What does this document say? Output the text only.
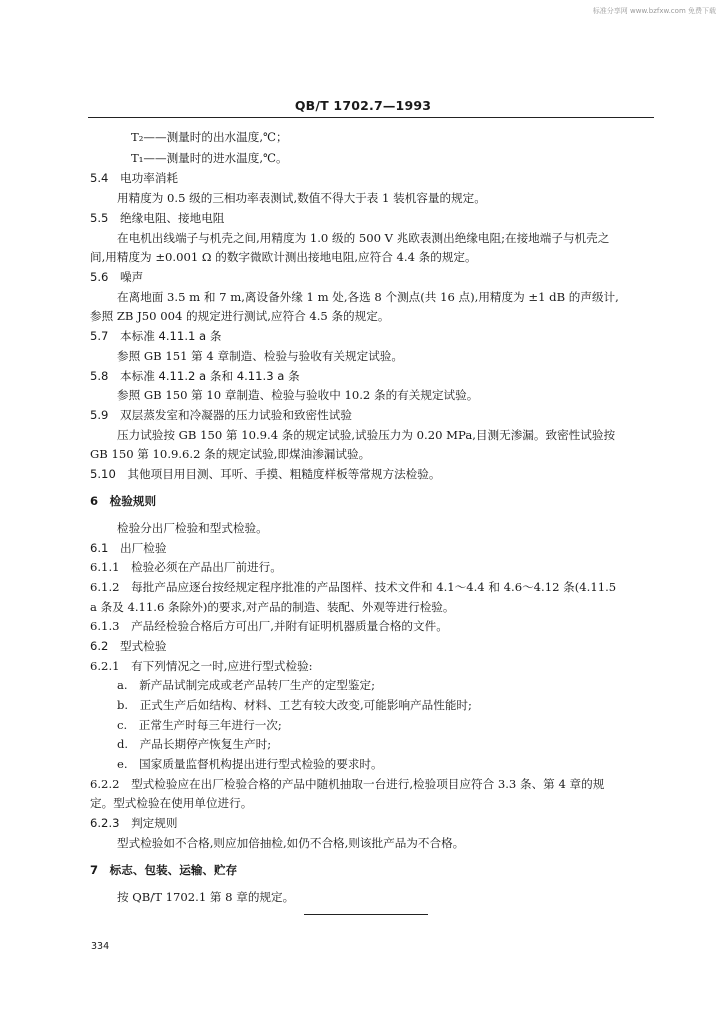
标准分享网 www.bzfxw.com 免费下载
QB/T 1702.7—1993
T₂——测量时的出水温度,℃；
T₁——测量时的进水温度,℃。
5.4　电功率消耗
用精度为 0.5 级的三相功率表测试,数值不得大于表 1 装机容量的规定。
5.5　绝缘电阻、接地电阻
在电机出线端子与机壳之间,用精度为 1.0 级的 500 V 兆欧表测出绝缘电阻;在接地端子与机壳之
间,用精度为 ±0.001 Ω 的数字微欧计测出接地电阻,应符合 4.4 条的规定。
5.6　噪声
在离地面 3.5 m 和 7 m,离设备外缘 1 m 处,各选 8 个测点(共 16 点),用精度为 ±1 dB 的声级计,
参照 ZB J50 004 的规定进行测试,应符合 4.5 条的规定。
5.7　本标准 4.11.1 a 条
参照 GB 151 第 4 章制造、检验与验收有关规定试验。
5.8　本标准 4.11.2 a 条和 4.11.3 a 条
参照 GB 150 第 10 章制造、检验与验收中 10.2 条的有关规定试验。
5.9　双层蒸发室和冷凝器的压力试验和致密性试验
压力试验按 GB 150 第 10.9.4 条的规定试验,试验压力为 0.20 MPa,目测无渗漏。致密性试验按
GB 150 第 10.9.6.2 条的规定试验,即煤油渗漏试验。
5.10　其他项目用目测、耳听、手摸、粗糙度样板等常规方法检验。
6　检验规则
检验分出厂检验和型式检验。
6.1　出厂检验
6.1.1　检验必须在产品出厂前进行。
6.1.2　每批产品应逐台按经规定程序批准的产品图样、技术文件和 4.1～4.4 和 4.6～4.12 条(4.11.5
a 条及 4.11.6 条除外)的要求,对产品的制造、装配、外观等进行检验。
6.1.3　产品经检验合格后方可出厂,并附有证明机器质量合格的文件。
6.2　型式检验
6.2.1　有下列情况之一时,应进行型式检验:
a.　新产品试制完成或老产品转厂生产的定型鉴定;
b.　正式生产后如结构、材料、工艺有较大改变,可能影响产品性能时;
c.　正常生产时每三年进行一次;
d.　产品长期停产恢复生产时;
e.　国家质量监督机构提出进行型式检验的要求时。
6.2.2　型式检验应在出厂检验合格的产品中随机抽取一台进行,检验项目应符合 3.3 条、第 4 章的规
定。型式检验在使用单位进行。
6.2.3　判定规则
型式检验如不合格,则应加倍抽检,如仍不合格,则该批产品为不合格。
7　标志、包装、运输、贮存
按 QB/T 1702.1 第 8 章的规定。
334
